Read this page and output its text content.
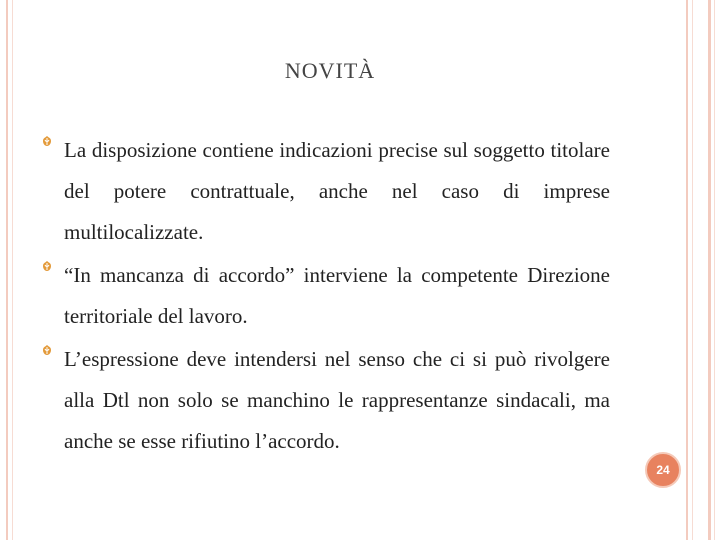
NOVITÀ
La disposizione contiene indicazioni precise sul soggetto titolare del potere contrattuale, anche nel caso di imprese multilocalizzate.
“In mancanza di accordo” interviene la competente Direzione territoriale del lavoro.
L’espressione deve intendersi nel senso che ci si può rivolgere alla Dtl non solo se manchino le rappresentanze sindacali, ma anche se esse rifiutino l’accordo.
24
